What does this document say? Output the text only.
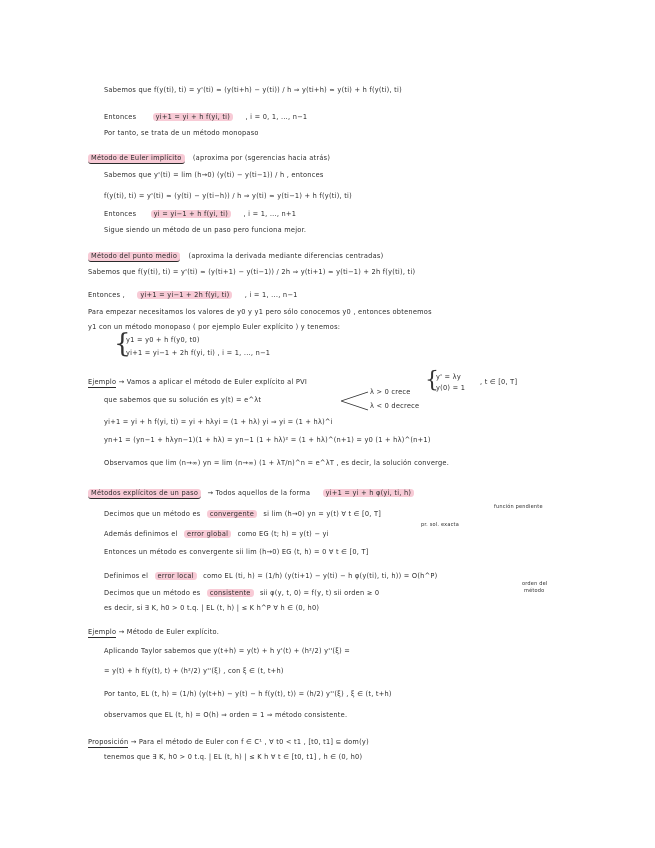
Sabemos que f(y(ti), ti) = y'(ti) ≈ (y(ti+h) − y(ti)) / h ⇒ y(ti+h) ≈ y(ti) + h f(y(ti), ti)
Entonces	yi+1 = yi + h f(yi, ti) , i = 0, 1, ..., n−1
Por tanto, se trata de un método monopaso
Método de Euler implícito (aproxima por (sgerencias hacia atrás)
Sabemos que y'(ti) = lim (h→0) (y(ti) − y(ti−1)) / h , entonces
f(y(ti), ti) = y'(ti) ≈ (y(ti) − y(ti−h)) / h ⇒ y(ti) ≈ y(ti−1) + h f(y(ti), ti)
Entonces	yi = yi−1 + h f(yi, ti) , i = 1, ..., n+1
Sigue siendo un método de un paso pero funciona mejor.
Método del punto medio (aproxima la derivada mediante diferencias centradas)
Sabemos que f(y(ti), ti) = y'(ti) ≈ (y(ti+1) − y(ti−1)) / 2h ⇒ y(ti+1) ≈ y(ti−1) + 2h f(y(ti), ti)
Entonces , yi+1 = yi−1 + 2h f(yi, ti) , i = 1, ..., n−1
Para empezar necesitamos los valores de y0 y y1 pero sólo conocemos y0 , entonces obtenemos
y1 con un método monopaso ( por ejemplo Euler explícito ) y tenemos:
{
y1 = y0 + h f(y0, t0)
yi+1 = yi−1 + 2h f(yi, ti) , i = 1, ..., n−1
Ejemplo → Vamos a aplicar el método de Euler explícito al PVI	{
y' = λy
y(0) = 1
, t ∈ [0, T]
que sabemos que su solución es y(t) = e^λt
λ > 0 crece
λ < 0 decrece
yi+1 = yi + h f(yi, ti) = yi + hλyi = (1 + hλ) yi ⇒ yi = (1 + hλ)^i
yn+1 = (yn−1 + hλyn−1)(1 + hλ) = yn−1 (1 + hλ)² = (1 + hλ)^(n+1) = y0 (1 + hλ)^(n+1)
Observamos que lim (n→∞) yn = lim (n→∞) (1 + λT/n)^n = e^λT , es decir, la solución converge.
Métodos explícitos de un paso → Todos aquellos de la forma yi+1 = yi + h φ(yi, ti, h)
función pendiente
Decimos que un método es convergente si lim (h→0) yn = y(t) ∀ t ∈ [0, T]
Además definimos el error global como EG (t; h) = y(t) − yi
pr. sol. exacta
Entonces un método es convergente sii lim (h→0) EG (t, h) = 0 ∀ t ∈ [0, T]
Definimos el error local como EL (ti, h) = (1/h) (y(ti+1) − y(ti) − h φ(y(ti), ti, h)) = O(h^P)
orden del
método
Decimos que un método es consistente sii φ(y, t, 0) = f(y, t) sii orden ≥ 0
es decir, si ∃ K, h0 > 0 t.q. | EL (t, h) | ≤ K h^P ∀ h ∈ (0, h0)
Ejemplo → Método de Euler explícito.
Aplicando Taylor sabemos que y(t+h) = y(t) + h y'(t) + (h²/2) y''(ξ) =
= y(t) + h f(y(t), t) + (h²/2) y''(ξ) , con ξ ∈ (t, t+h)
Por tanto, EL (t, h) = (1/h) (y(t+h) − y(t) − h f(y(t), t)) = (h/2) y''(ξ) , ξ ∈ (t, t+h)
observamos que EL (t, h) = O(h) ⇒ orden = 1 ⇒ método consistente.
Proposición → Para el método de Euler con f ∈ C¹ , ∀ t0 < t1 , [t0, t1] ⊆ dom(y)
tenemos que ∃ K, h0 > 0 t.q. | EL (t, h) | ≤ K h ∀ t ∈ [t0, t1] , h ∈ (0, h0)
